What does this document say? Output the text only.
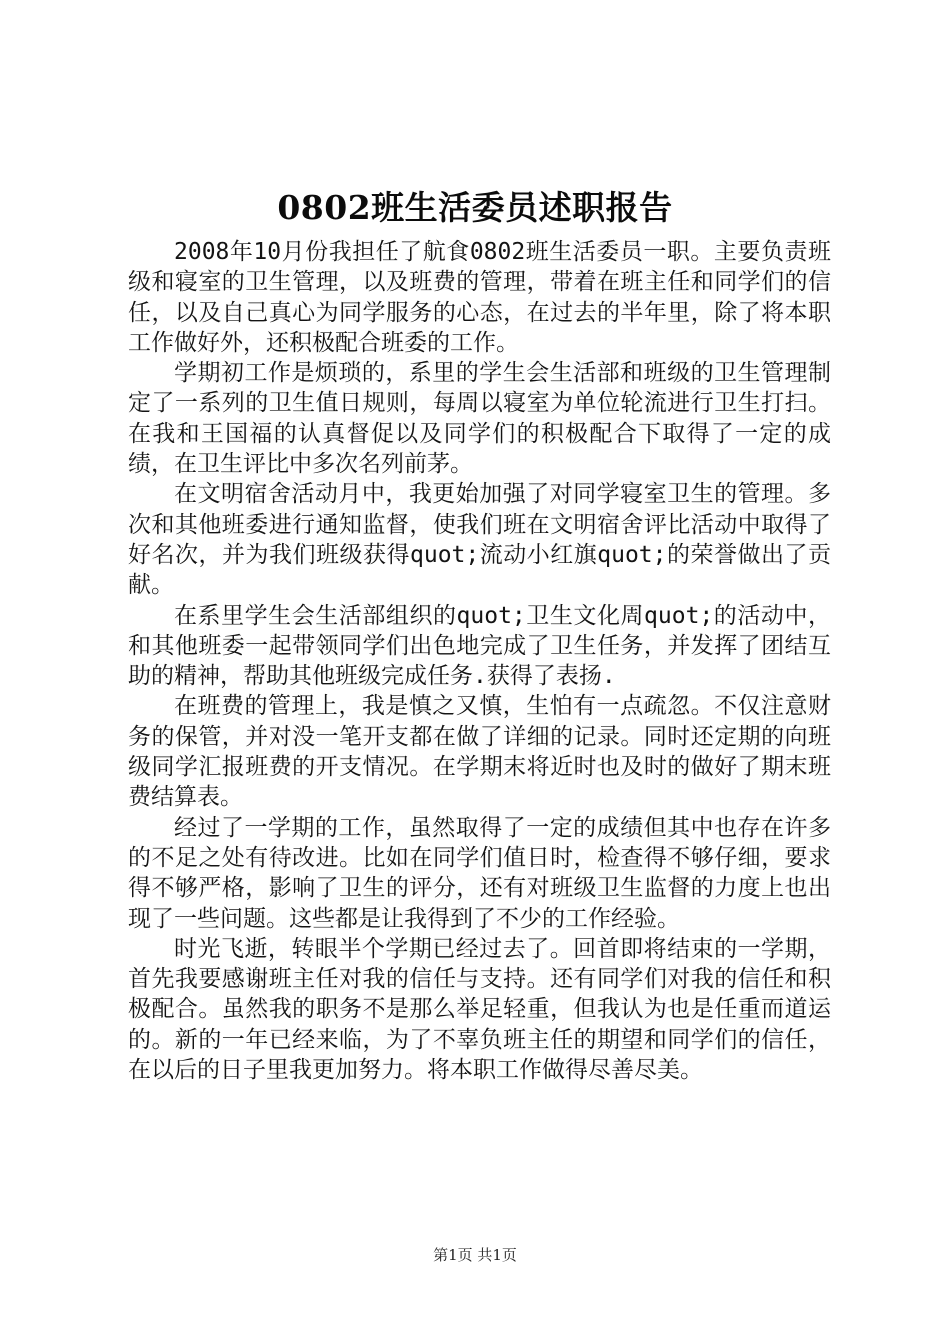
0802班生活委员述职报告

2008年10月份我担任了航食0802班生活委员一职。主要负责班级和寝室的卫生管理，以及班费的管理，带着在班主任和同学们的信任，以及自己真心为同学服务的心态，在过去的半年里，除了将本职工作做好外，还积极配合班委的工作。

学期初工作是烦琐的，系里的学生会生活部和班级的卫生管理制定了一系列的卫生值日规则，每周以寝室为单位轮流进行卫生打扫。在我和王国福的认真督促以及同学们的积极配合下取得了一定的成绩，在卫生评比中多次名列前茅。

在文明宿舍活动月中，我更始加强了对同学寝室卫生的管理。多次和其他班委进行通知监督，使我们班在文明宿舍评比活动中取得了好名次，并为我们班级获得quot;流动小红旗quot;的荣誉做出了贡献。

在系里学生会生活部组织的quot;卫生文化周quot;的活动中，和其他班委一起带领同学们出色地完成了卫生任务，并发挥了团结互助的精神，帮助其他班级完成任务.获得了表扬.

在班费的管理上，我是慎之又慎，生怕有一点疏忽。不仅注意财务的保管，并对没一笔开支都在做了详细的记录。同时还定期的向班级同学汇报班费的开支情况。在学期末将近时也及时的做好了期末班费结算表。

经过了一学期的工作，虽然取得了一定的成绩但其中也存在许多的不足之处有待改进。比如在同学们值日时，检查得不够仔细，要求得不够严格，影响了卫生的评分，还有对班级卫生监督的力度上也出现了一些问题。这些都是让我得到了不少的工作经验。

时光飞逝，转眼半个学期已经过去了。回首即将结束的一学期，首先我要感谢班主任对我的信任与支持。还有同学们对我的信任和积极配合。虽然我的职务不是那么举足轻重，但我认为也是任重而道运的。新的一年已经来临，为了不辜负班主任的期望和同学们的信任，在以后的日子里我更加努力。将本职工作做得尽善尽美。

第1页 共1页
